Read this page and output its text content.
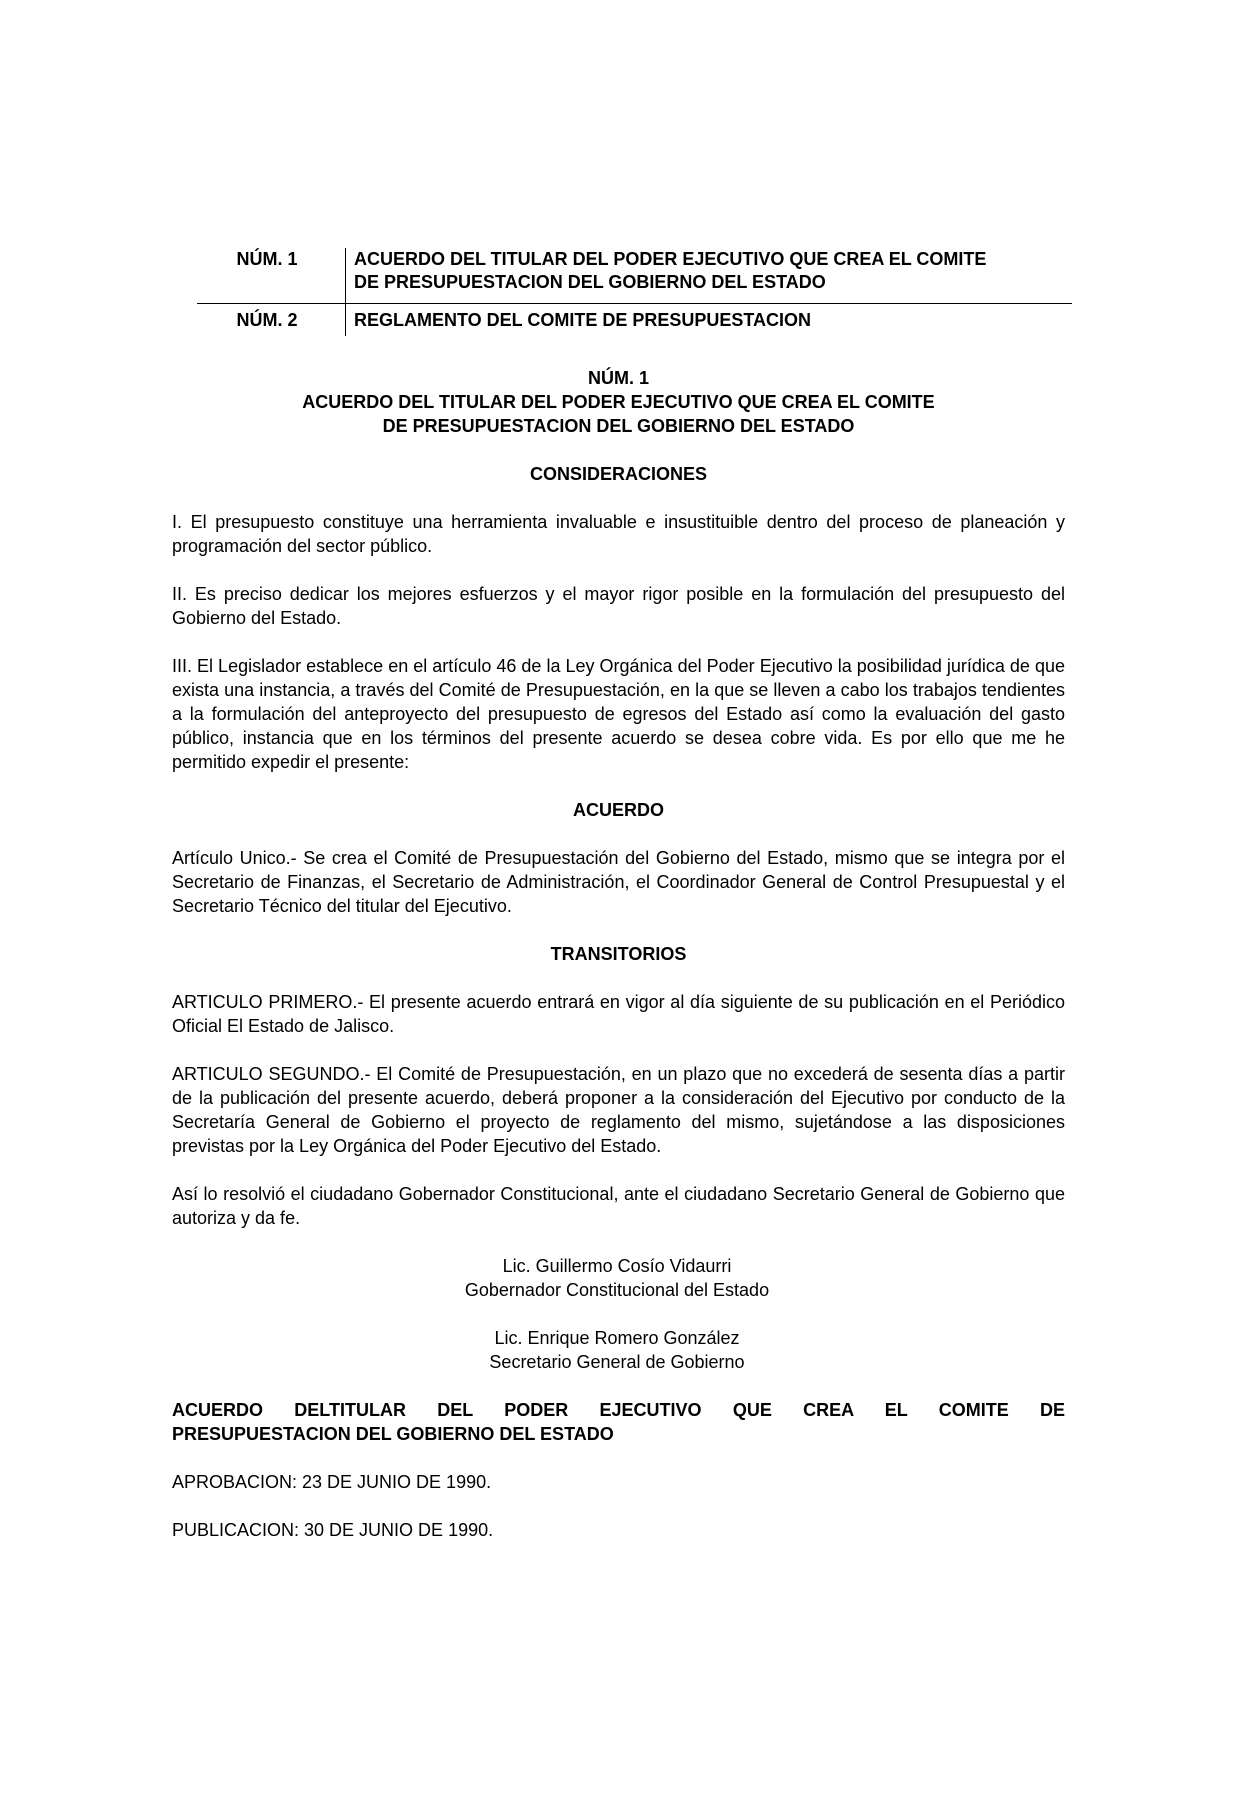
NÚM. 1	ACUERDO DEL TITULAR DEL PODER EJECUTIVO QUE CREA EL COMITE
DE PRESUPUESTACION DEL GOBIERNO DEL ESTADO
NÚM. 2	REGLAMENTO DEL COMITE DE PRESUPUESTACION
NÚM. 1
ACUERDO DEL TITULAR DEL PODER EJECUTIVO QUE CREA EL COMITE
DE PRESUPUESTACION DEL GOBIERNO DEL ESTADO
CONSIDERACIONES

I. El presupuesto constituye una herramienta invaluable e insustituible dentro del proceso de planeación y programación del sector público.

II. Es preciso dedicar los mejores esfuerzos y el mayor rigor posible en la formulación del presupuesto del Gobierno del Estado.

III. El Legislador establece en el artículo 46 de la Ley Orgánica del Poder Ejecutivo la posibilidad jurídica de que exista una instancia, a través del Comité de Presupuestación, en la que se lleven a cabo los trabajos tendientes a la formulación del anteproyecto del presupuesto de egresos del Estado así como la evaluación del gasto público, instancia que en los términos del presente acuerdo se desea cobre vida. Es por ello que me he permitido expedir el presente:

ACUERDO

Artículo Unico.- Se crea el Comité de Presupuestación del Gobierno del Estado, mismo que se integra por el Secretario de Finanzas, el Secretario de Administración, el Coordinador General de Control Presupuestal y el Secretario Técnico del titular del Ejecutivo.

TRANSITORIOS

ARTICULO PRIMERO.- El presente acuerdo entrará en vigor al día siguiente de su publicación en el Periódico Oficial El Estado de Jalisco.

ARTICULO SEGUNDO.- El Comité de Presupuestación, en un plazo que no excederá de sesenta días a partir de la publicación del presente acuerdo, deberá proponer a la consideración del Ejecutivo por conducto de la Secretaría General de Gobierno el proyecto de reglamento del mismo, sujetándose a las disposiciones previstas por la Ley Orgánica del Poder Ejecutivo del Estado.

Así lo resolvió el ciudadano Gobernador Constitucional, ante el ciudadano Secretario General de Gobierno que autoriza y da fe.

Lic. Guillermo Cosío Vidaurri
Gobernador Constitucional del Estado
Lic. Enrique Romero González
Secretario General de Gobierno
ACUERDO DELTITULAR DEL PODER EJECUTIVO QUE CREA EL COMITE DE
PRESUPUESTACION DEL GOBIERNO DEL ESTADO

APROBACION: 23 DE JUNIO DE 1990.

PUBLICACION: 30 DE JUNIO DE 1990.
